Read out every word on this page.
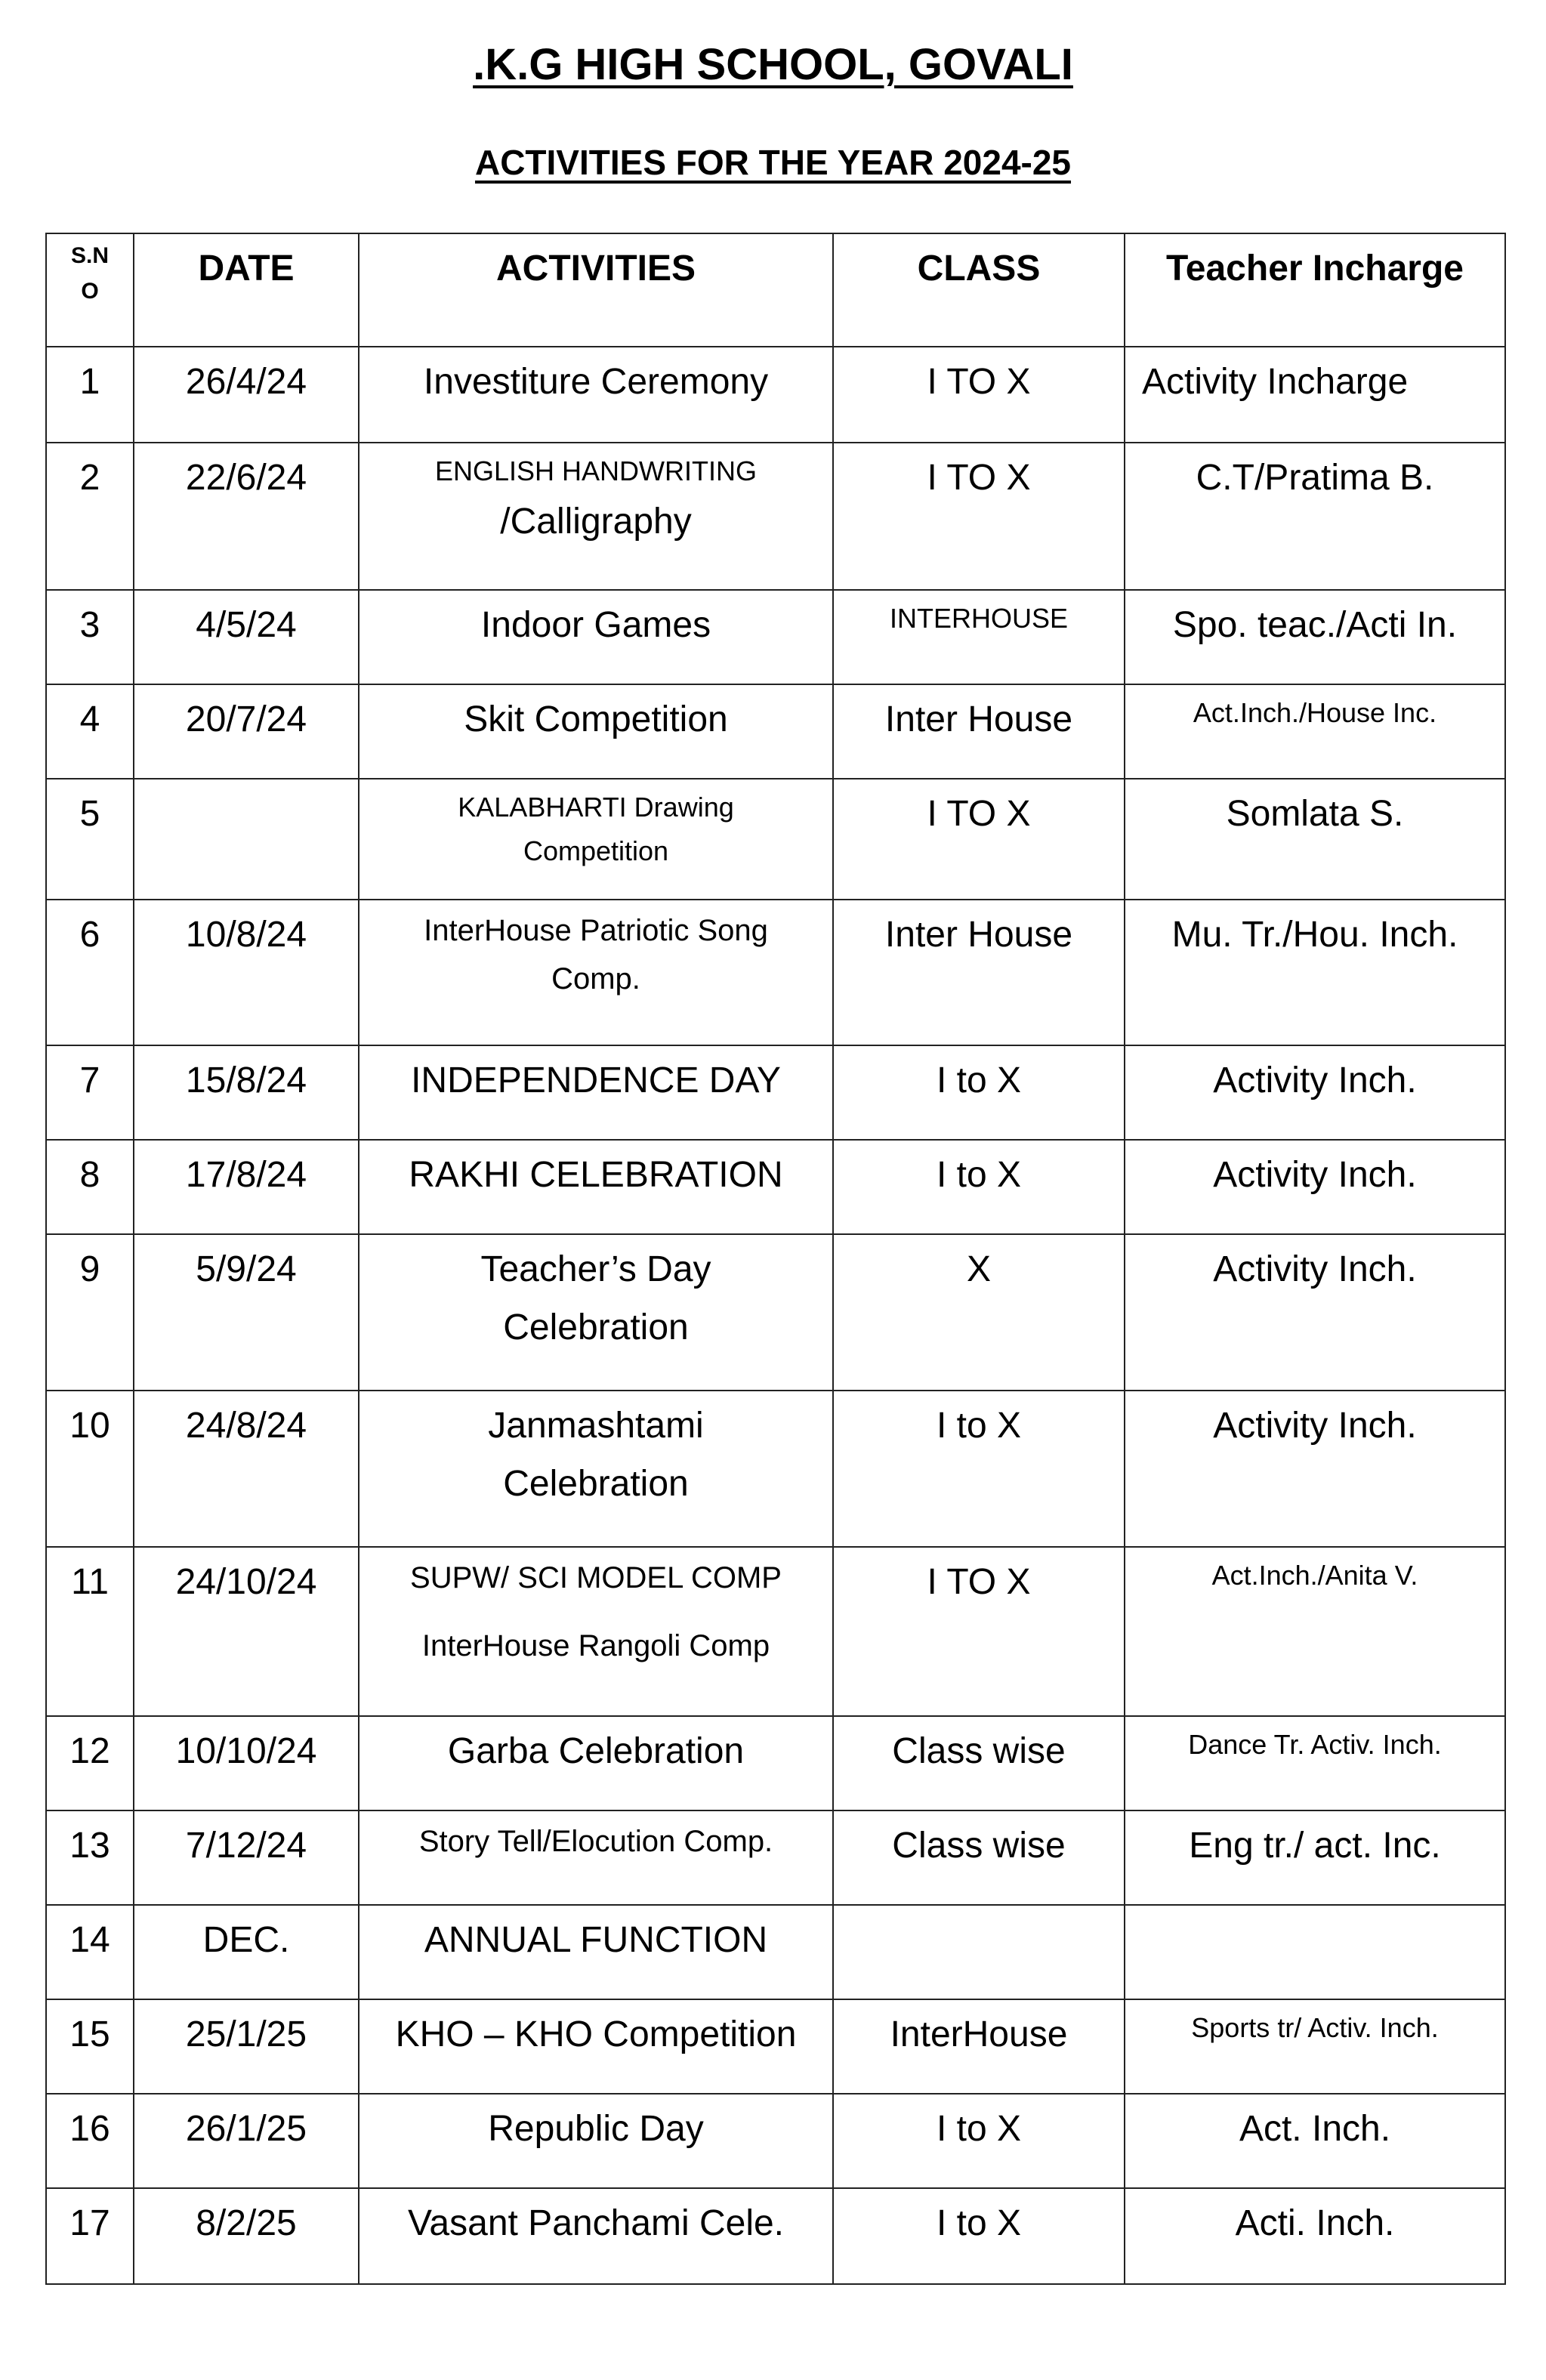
.K.G HIGH SCHOOL, GOVALI
ACTIVITIES FOR THE YEAR 2024-25
S.N
O	DATE	ACTIVITIES	CLASS	Teacher Incharge
1	26/4/24	Investiture Ceremony	I TO X	Activity Incharge
2	22/6/24	ENGLISH HANDWRITING
/Calligraphy	I TO X	C.T/Pratima B.
3	4/5/24	Indoor Games	INTERHOUSE	Spo. teac./Acti In.
4	20/7/24	Skit Competition	Inter House	Act.Inch./House Inc.
5		KALABHARTI Drawing
Competition	I TO X	Somlata S.
6	10/8/24	InterHouse Patriotic Song
Comp.	Inter House	Mu. Tr./Hou. Inch.
7	15/8/24	INDEPENDENCE DAY	I to X	Activity Inch.
8	17/8/24	RAKHI CELEBRATION	I to X	Activity Inch.
9	5/9/24	Teacher’s Day
Celebration	X	Activity Inch.
10	24/8/24	Janmashtami
Celebration	I to X	Activity Inch.
11	24/10/24	SUPW/ SCI MODEL COMP
InterHouse Rangoli Comp	I TO X	Act.Inch./Anita V.
12	10/10/24	Garba Celebration	Class wise	Dance Tr. Activ. Inch.
13	7/12/24	Story Tell/Elocution Comp.	Class wise	Eng tr./ act. Inc.
14	DEC.	ANNUAL FUNCTION		
15	25/1/25	KHO – KHO Competition	InterHouse	Sports tr/ Activ. Inch.
16	26/1/25	Republic Day	I to X	Act. Inch.
17	8/2/25	Vasant Panchami Cele.	I to X	Acti. Inch.
